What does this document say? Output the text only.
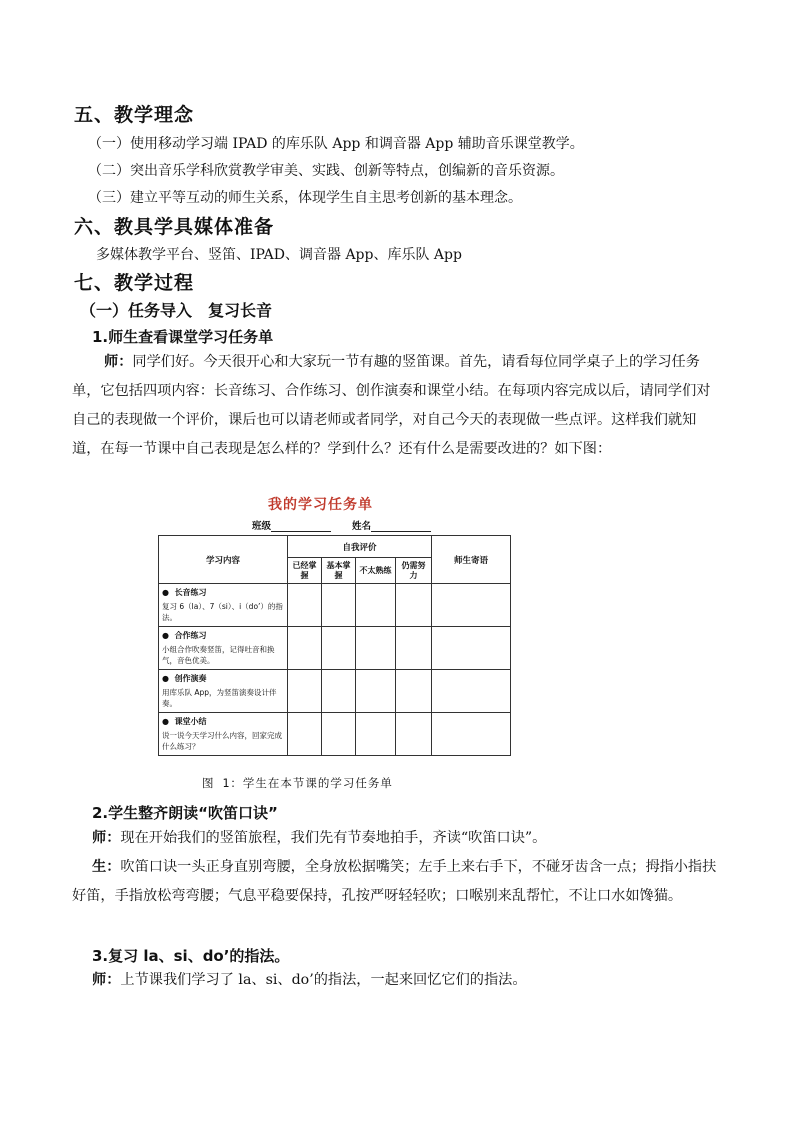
五、教学理念
（一）使用移动学习端 IPAD 的库乐队 App 和调音器 App 辅助音乐课堂教学。
（二）突出音乐学科欣赏教学审美、实践、创新等特点，创编新的音乐资源。
（三）建立平等互动的师生关系，体现学生自主思考创新的基本理念。
六、教具学具媒体准备
多媒体教学平台、竖笛、IPAD、调音器 App、库乐队 App
七、教学过程
（一）任务导入　复习长音
1.师生查看课堂学习任务单
师：同学们好。今天很开心和大家玩一节有趣的竖笛课。首先，请看每位同学桌子上的学习任务单，它包括四项内容：长音练习、合作练习、创作演奏和课堂小结。在每项内容完成以后，请同学们对自己的表现做一个评价，课后也可以请老师或者同学，对自己今天的表现做一些点评。这样我们就知道，在每一节课中自己表现是怎么样的？学到什么？还有什么是需要改进的？如下图：
我的学习任务单
班级	姓名
学习内容	自我评价				师生寄语
	已经掌握	基本掌握	不太熟练	仍需努力	

●  长音练习
复习 6（la）、7（si）、i（do’）的指法。					

●  合作练习
小组合作吹奏竖笛，记得吐音和换气，音色优美。					

●  创作演奏
用库乐队 App，为竖笛演奏设计伴奏。					

●  课堂小结
说一说今天学习什么内容，回家完成什么练习？					

图 1：学生在本节课的学习任务单
2.学生整齐朗读“吹笛口诀”
师：现在开始我们的竖笛旅程，我们先有节奏地拍手，齐读“吹笛口诀”。
生：吹笛口诀一头正身直别弯腰，全身放松据嘴笑；左手上来右手下，不碰牙齿含一点；拇指小指扶好笛，手指放松弯弯腰；气息平稳要保持，孔按严呀轻轻吹；口喉别来乱帮忙，不让口水如馋猫。
3.复习 la、si、do’的指法。
师：上节课我们学习了 la、si、do’的指法，一起来回忆它们的指法。
